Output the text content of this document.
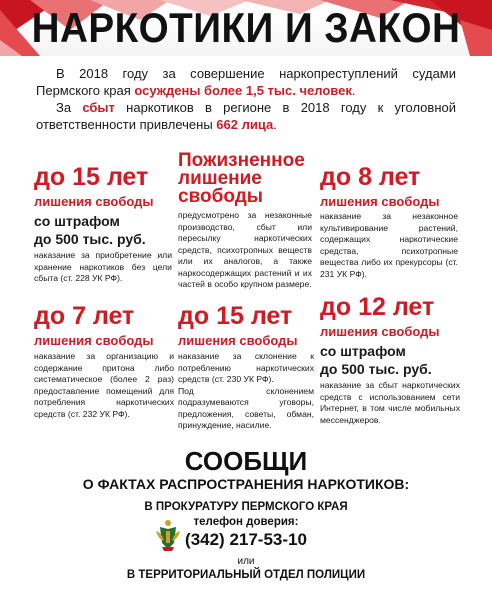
НАРКОТИКИ И ЗАКОН

В 2018 году за совершение наркопреступлений судами Пермского края осуждены более 1,5 тыс. человек.

За сбыт наркотиков в регионе в 2018 году к уголовной ответственности привлечены 662 лица.

до 15 лет
лишения свободы
со штрафом
до 500 тыс. руб.
наказание за приобретение или хранение наркотиков без цели сбыта (ст. 228 УК РФ).
Пожизненное лишение свободы
предусмотрено за незаконные производство, сбыт или пересылку наркотических средств, психотропных веществ или их аналогов, а также наркосодержащих растений и их частей в особо крупном размере.
до 8 лет
лишения свободы
наказание за незаконное культивирование растений, содержащих наркотические средства, психотропные вещества либо их прекурсоры (ст. 231 УК РФ).
до 7 лет
лишения свободы
наказание за организацию и содержание притона либо систематическое (более 2 раз) предоставление помещений для потребления наркотических средств (ст. 232 УК РФ).
до 15 лет
лишения свободы
наказание за склонение к потреблению наркотических средств (ст. 230 УК РФ).
Под склонением подразумеваются уговоры, предложения, советы, обман, принуждение, насилие.
до 12 лет
лишения свободы
со штрафом
до 500 тыс. руб.
наказание за сбыт наркотических средств с использованием сети Интернет, в том числе мобильных мессенджеров.
СООБЩИ
О ФАКТАХ РАСПРОСТРАНЕНИЯ НАРКОТИКОВ:
В ПРОКУРАТУРУ ПЕРМСКОГО КРАЯ
телефон доверия:
(342) 217-53-10
или
В ТЕРРИТОРИАЛЬНЫЙ ОТДЕЛ ПОЛИЦИИ
